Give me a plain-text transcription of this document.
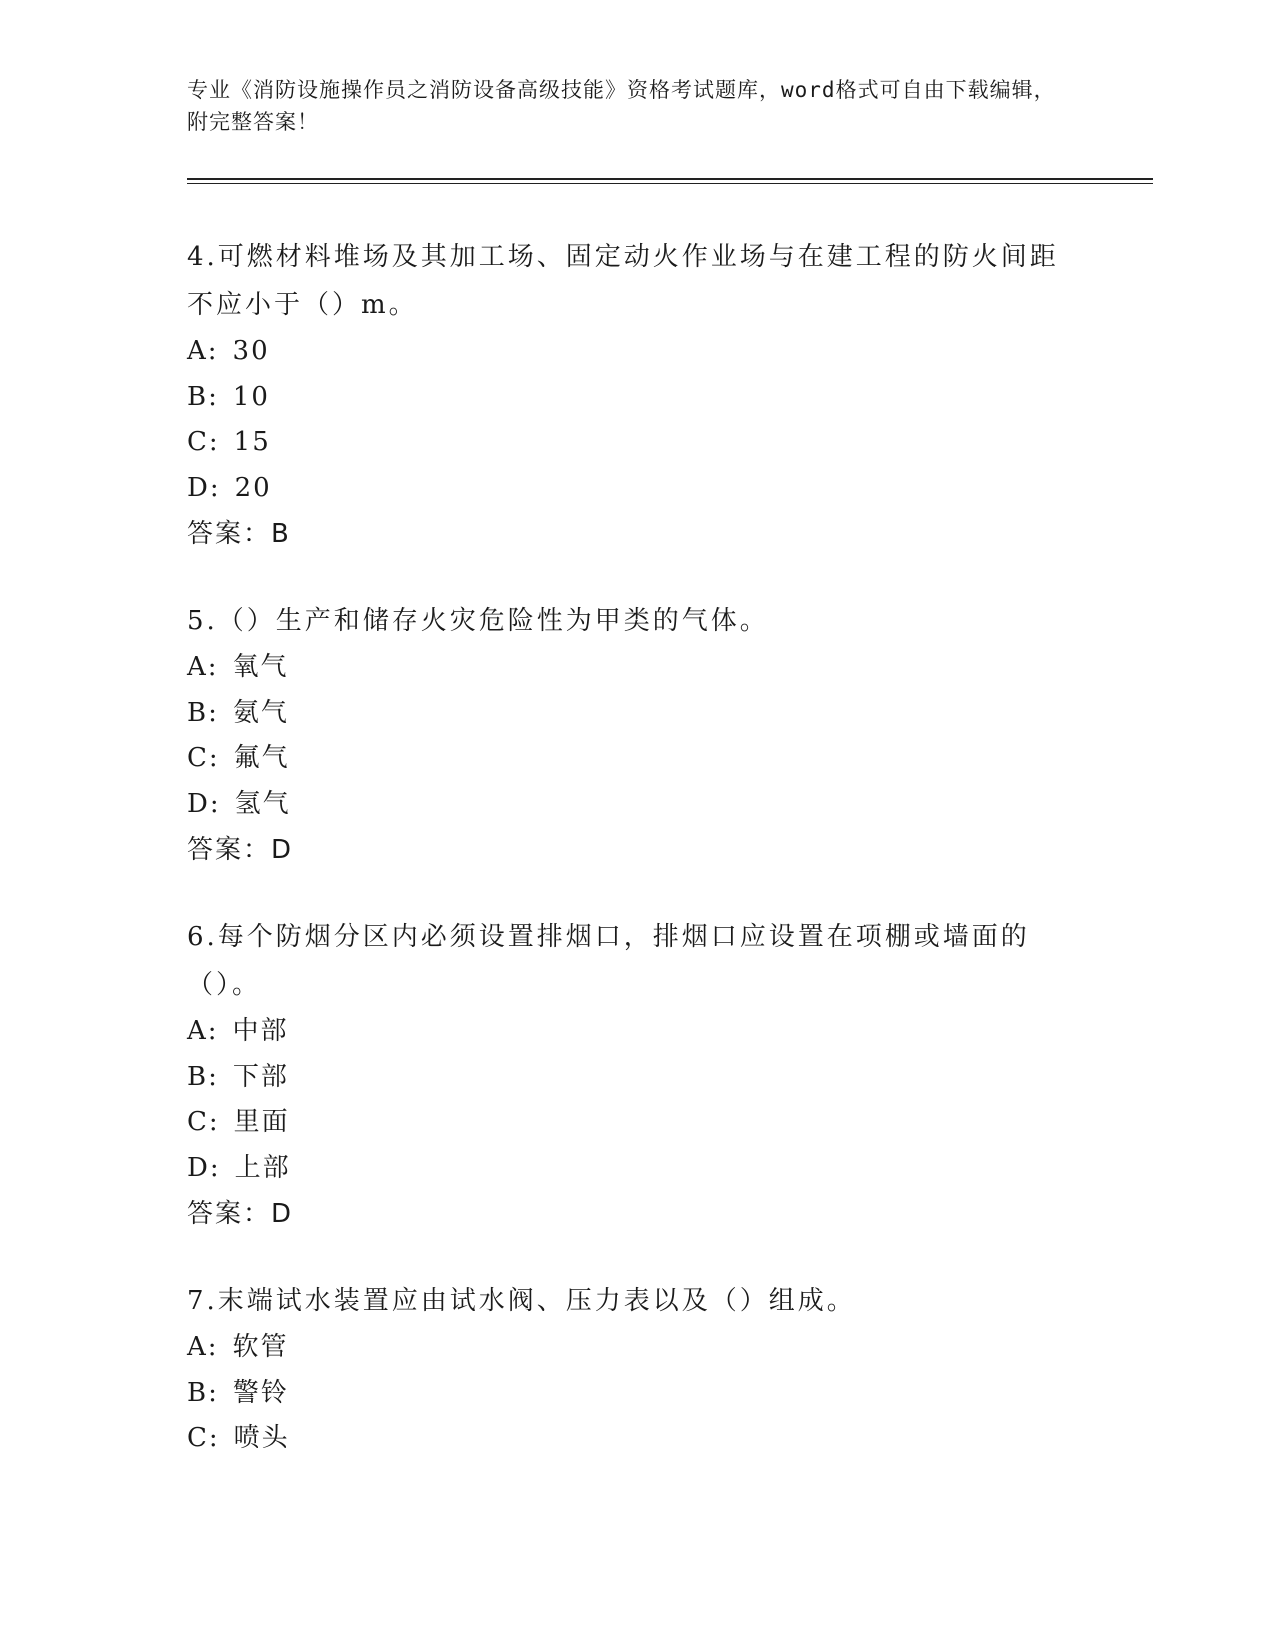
专业《消防设施操作员之消防设备高级技能》资格考试题库，word格式可自由下载编辑，附完整答案！

4.可燃材料堆场及其加工场、固定动火作业场与在建工程的防火间距不应小于（）m。

A: 30

B: 10

C: 15

D: 20

答案：B

5.（）生产和储存火灾危险性为甲类的气体。

A: 氧气

B: 氨气

C: 氟气

D: 氢气

答案：D

6.每个防烟分区内必须设置排烟口，排烟口应设置在项棚或墙面的（）。

A: 中部

B: 下部

C: 里面

D: 上部

答案：D

7.末端试水装置应由试水阀、压力表以及（）组成。

A: 软管

B: 警铃

C: 喷头
